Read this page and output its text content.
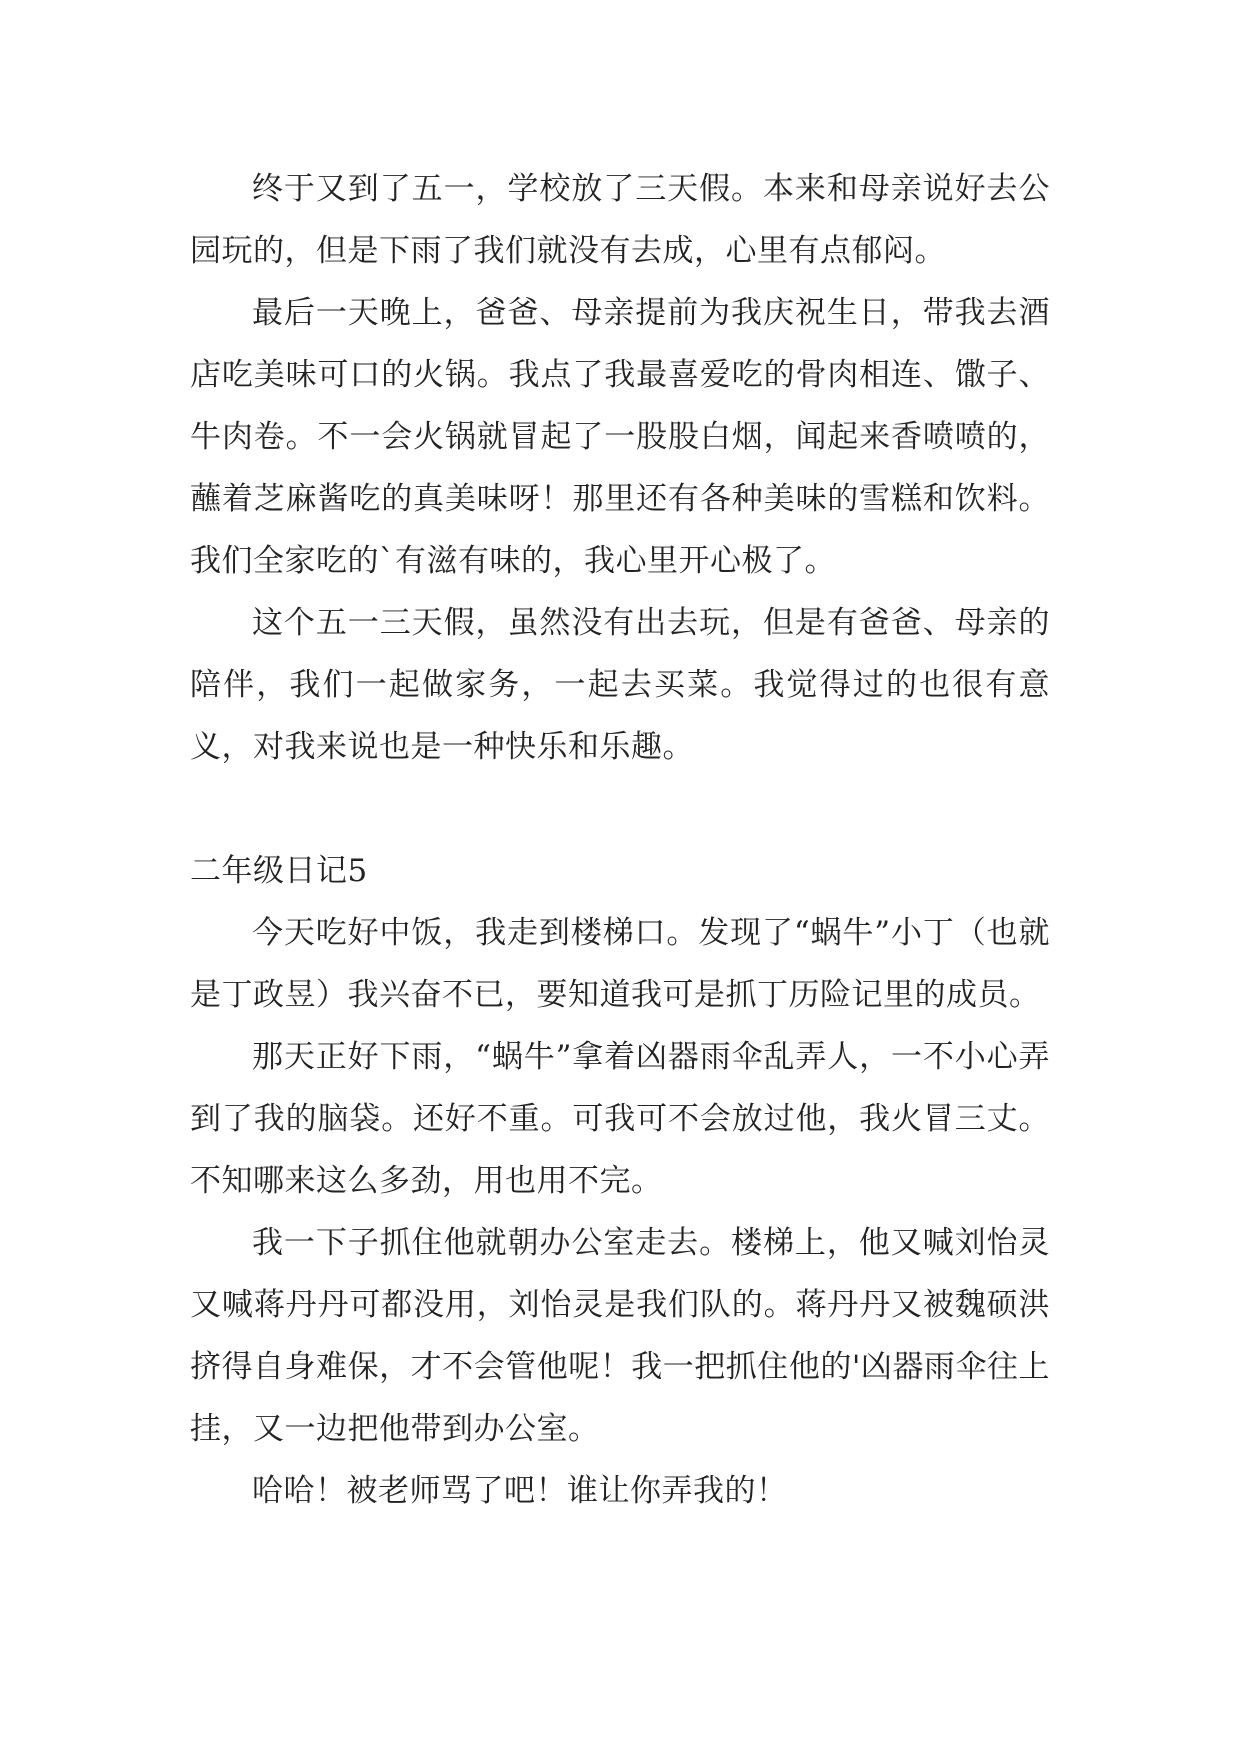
终于又到了五一，学校放了三天假。本来和母亲说好去公园玩的，但是下雨了我们就没有去成，心里有点郁闷。

最后一天晚上，爸爸、母亲提前为我庆祝生日，带我去酒店吃美味可口的火锅。我点了我最喜爱吃的骨肉相连、馓子、牛肉卷。不一会火锅就冒起了一股股白烟，闻起来香喷喷的，蘸着芝麻酱吃的真美味呀！那里还有各种美味的雪糕和饮料。我们全家吃的`有滋有味的，我心里开心极了。

这个五一三天假，虽然没有出去玩，但是有爸爸、母亲的陪伴，我们一起做家务，一起去买菜。我觉得过的也很有意义，对我来说也是一种快乐和乐趣。

二年级日记5

今天吃好中饭，我走到楼梯口。发现了“蜗牛”小丁（也就是丁政昱）我兴奋不已，要知道我可是抓丁历险记里的成员。

那天正好下雨，“蜗牛”拿着凶器雨伞乱弄人，一不小心弄到了我的脑袋。还好不重。可我可不会放过他，我火冒三丈。不知哪来这么多劲，用也用不完。

我一下子抓住他就朝办公室走去。楼梯上，他又喊刘怡灵又喊蒋丹丹可都没用，刘怡灵是我们队的。蒋丹丹又被魏硕洪挤得自身难保，才不会管他呢！我一把抓住他的'凶器雨伞往上挂，又一边把他带到办公室。

哈哈！被老师骂了吧！谁让你弄我的！
